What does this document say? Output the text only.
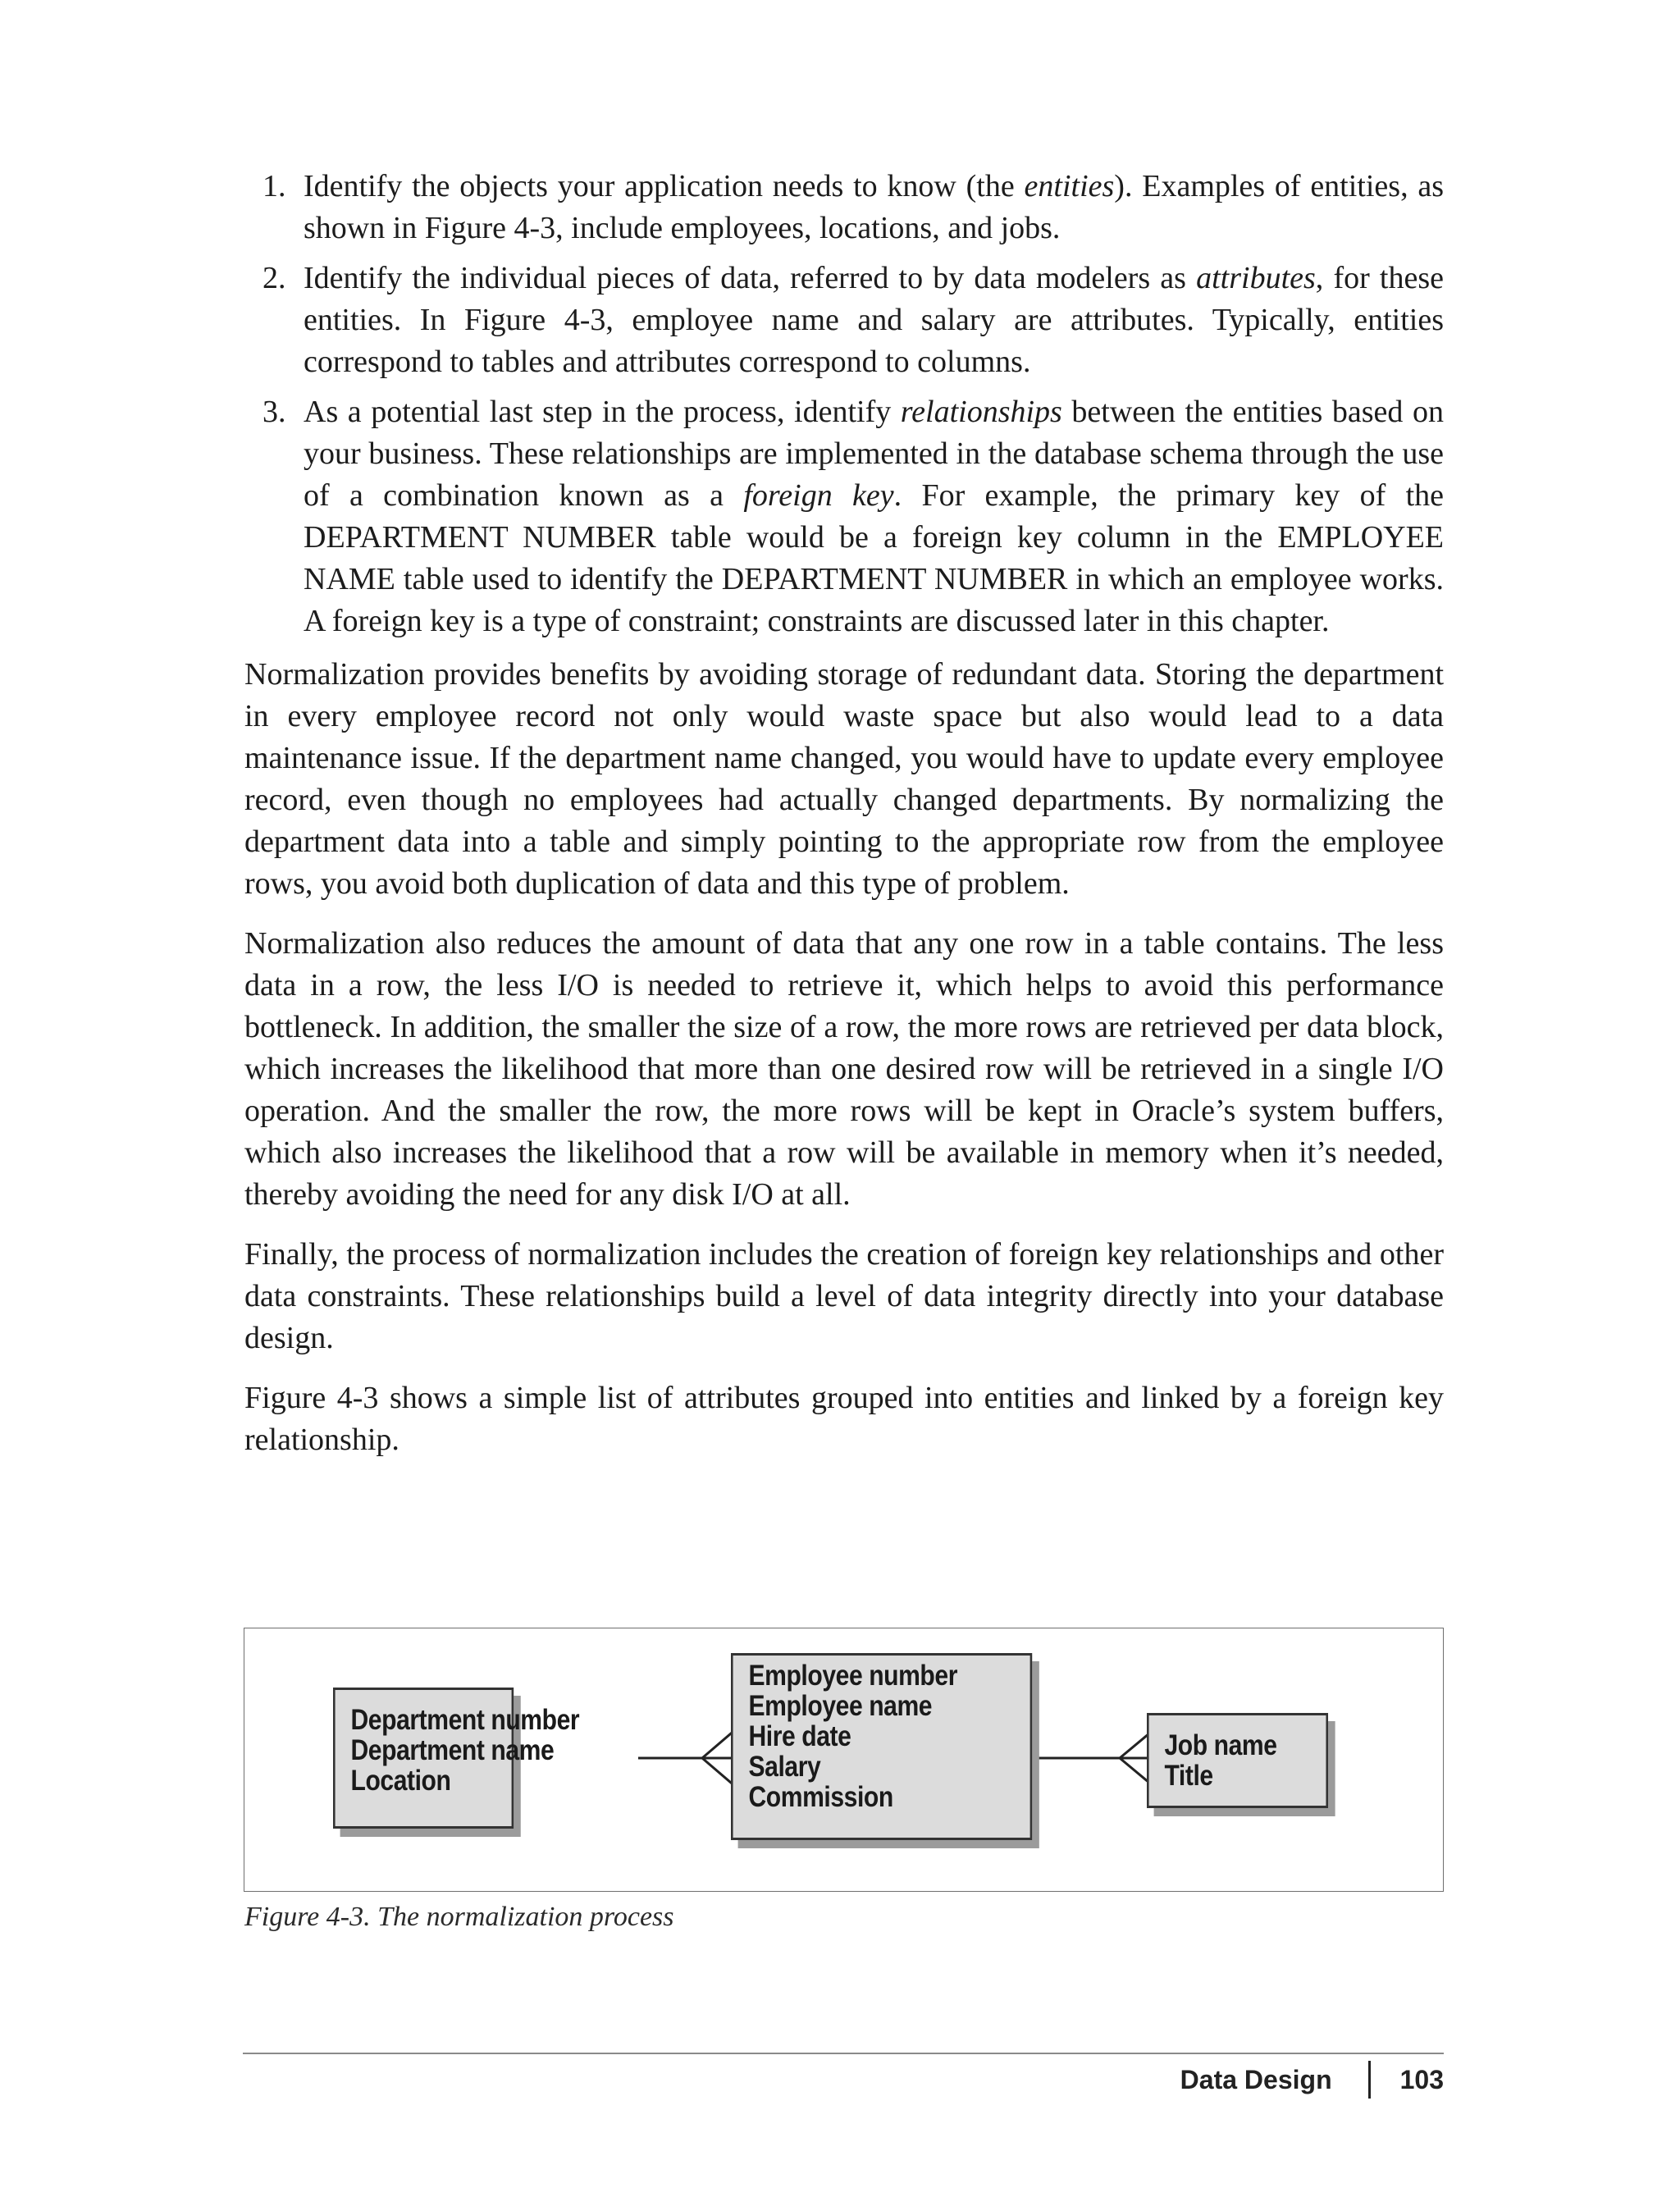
1. Identify the objects your application needs to know (the entities). Examples of entities, as shown in Figure 4-3, include employees, locations, and jobs.
2. Identify the individual pieces of data, referred to by data modelers as attributes, for these entities. In Figure 4-3, employee name and salary are attributes. Typically, entities correspond to tables and attributes correspond to columns.
3. As a potential last step in the process, identify relationships between the entities based on your business. These relationships are implemented in the database schema through the use of a combination known as a foreign key. For example, the primary key of the DEPARTMENT NUMBER table would be a foreign key column in the EMPLOYEE NAME table used to identify the DEPARTMENT NUMBER in which an employee works. A foreign key is a type of constraint; constraints are discussed later in this chapter.

Normalization provides benefits by avoiding storage of redundant data. Storing the department in every employee record not only would waste space but also would lead to a data maintenance issue. If the department name changed, you would have to update every employee record, even though no employees had actually changed departments. By normalizing the department data into a table and simply pointing to the appropriate row from the employee rows, you avoid both duplication of data and this type of problem.

Normalization also reduces the amount of data that any one row in a table contains. The less data in a row, the less I/O is needed to retrieve it, which helps to avoid this performance bottleneck. In addition, the smaller the size of a row, the more rows are retrieved per data block, which increases the likelihood that more than one desired row will be retrieved in a single I/O operation. And the smaller the row, the more rows will be kept in Oracle’s system buffers, which also increases the likelihood that a row will be available in memory when it’s needed, thereby avoiding the need for any disk I/O at all.

Finally, the process of normalization includes the creation of foreign key relationships and other data constraints. These relationships build a level of data integrity directly into your database design.

Figure 4-3 shows a simple list of attributes grouped into entities and linked by a foreign key relationship.

Department number
Department name
Location
Employee number
Employee name
Hire date
Salary
Commission
Job name
Title
Figure 4-3. The normalization process
Data Design	103
